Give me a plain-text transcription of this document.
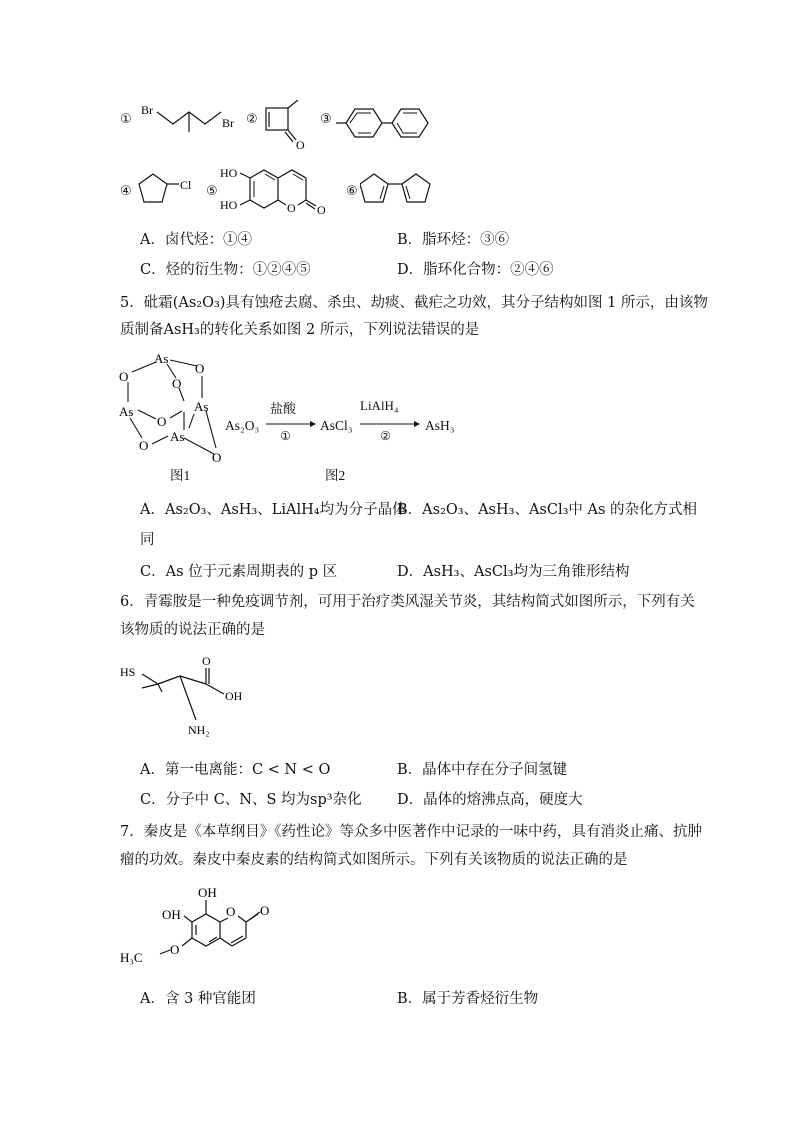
①
Br
Br ②
O
③
④	Cl ⑤
HO
HO	O O
⑥
A．卤代烃：①④	B．脂环烃：③⑥
C．烃的衍生物：①②④⑤	D．脂环化合物：②④⑥
5．砒霜(As₂O₃)具有蚀疮去腐、杀虫、劫痰、截疟之功效，其分子结构如图 1 所示，由该物
质制备AsH₃的转化关系如图 2 所示，下列说法错误的是
As
O
O
O
As	As
O
O
As
O
As₂O₃
盐酸
①
AsCl₃
LiAlH₄
②
AsH₃
图1	图2
A．As₂O₃、AsH₃、LiAlH₄均为分子晶体
B．As₂O₃、AsH₃、AsCl₃中 As 的杂化方式相
同
C．As 位于元素周期表的 p 区	D．AsH₃、AsCl₃均为三角锥形结构
6．青霉胺是一种免疫调节剂，可用于治疗类风湿关节炎，其结构简式如图所示，下列有关
该物质的说法正确的是
HS
O
OH
NH₂
A．第一电离能：C < N < O	B．晶体中存在分子间氢键
C．分子中 C、N、S 均为sp³杂化 D．晶体的熔沸点高，硬度大
7．秦皮是《本草纲目》《药性论》等众多中医著作中记录的一味中药，具有消炎止痛、抗肿
瘤的功效。秦皮中秦皮素的结构简式如图所示。下列有关该物质的说法正确的是
OH
OH	O O
O
H₃C
A．含 3 种官能团	B．属于芳香烃衍生物
